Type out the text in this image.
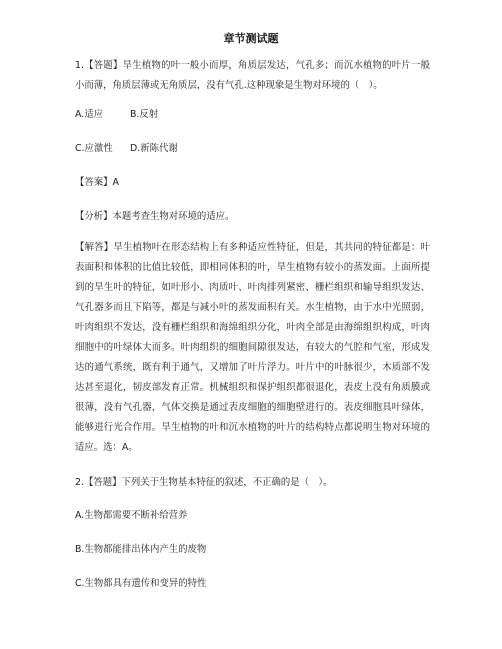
章节测试题

1.【答题】旱生植物的叶一般小而厚，角质层发达，气孔多；而沉水植物的叶片一般小而薄，角质层薄或无角质层，没有气孔.这种现象是生物对环境的（　）。

A.适应	B.反射
C.应激性 D.新陈代谢
【答案】A
【分析】本题考查生物对环境的适应。

【解答】旱生植物叶在形态结构上有多种适应性特征，但是，其共同的特征都是：叶表面积和体积的比值比较低，即相同体积的叶，旱生植物有较小的蒸发面。上面所提到的旱生叶的特征，如叶形小、肉质叶、叶肉排列紧密、栅栏组织和输导组织发达、气孔器多而且下陷等，都是与减小叶的蒸发面积有关。水生植物，由于水中光照弱，叶肉组织不发达，没有栅栏组织和海绵组织分化，叶肉全部是由海绵组织构成，叶肉细胞中的叶绿体大而多。叶肉组织的细胞间隙很发达，有较大的气腔和气室，形成发达的通气系统，既有利于通气，又增加了叶片浮力。叶片中的叶脉很少，木质部不发达甚至退化，韧皮部发育正常。机械组织和保护组织都很退化，表皮上没有角质膜或很薄，没有气孔器，气体交换是通过表皮细胞的细胞壁进行的。表皮细胞具叶绿体，能够进行光合作用。旱生植物的叶和沉水植物的叶片的结构特点都说明生物对环境的适应。选：A。

2.【答题】下列关于生物基本特征的叙述，不正确的是（　）。
A.生物都需要不断补给营养
B.生物都能排出体内产生的废物
C.生物都具有遗传和变异的特性
